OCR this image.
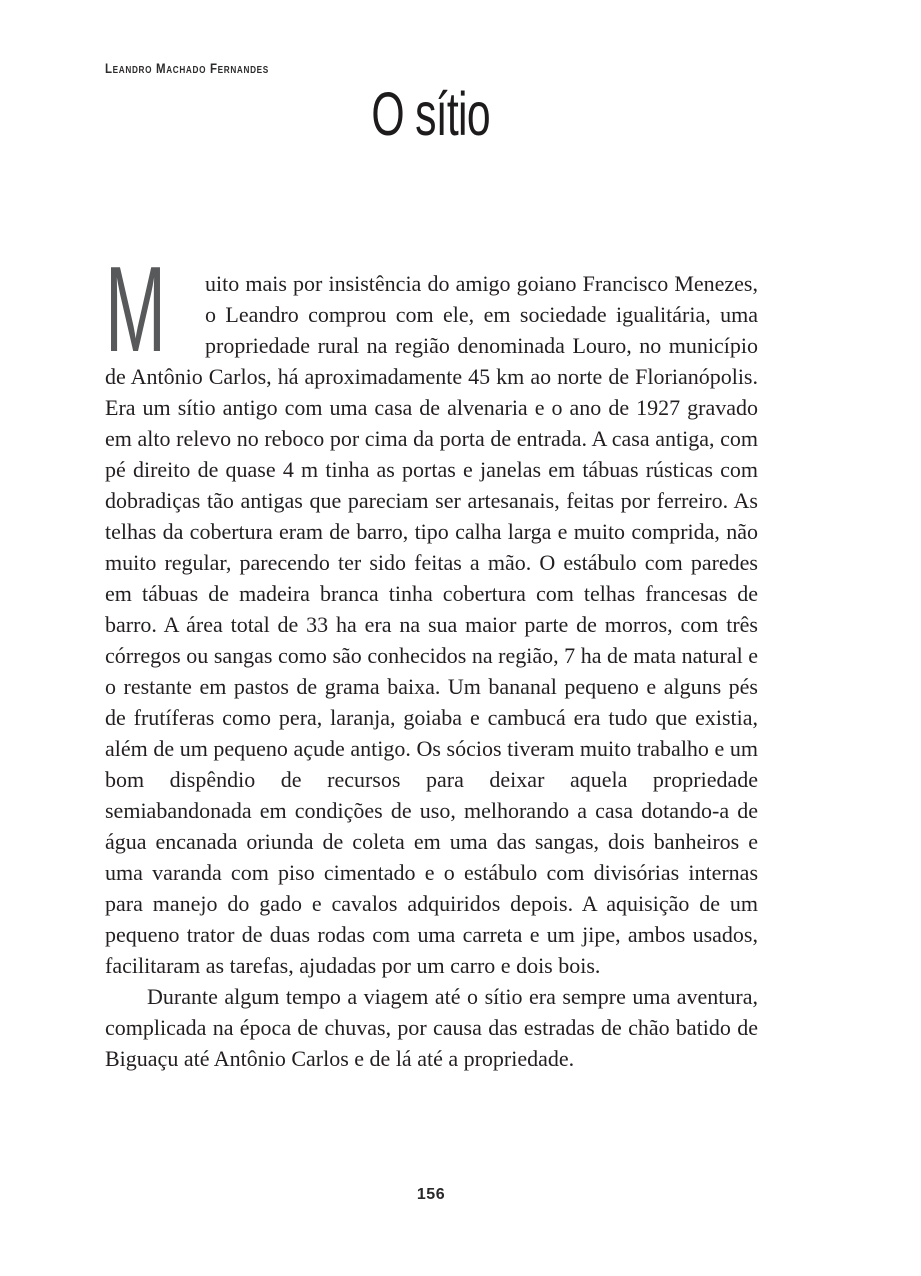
Leandro Machado Fernandes
O sítio

M uito mais por insistência do amigo goiano Francisco Menezes, o Leandro comprou com ele, em sociedade igualitária, uma propriedade rural na região denominada Louro, no município de Antônio Carlos, há aproximadamente 45 km ao norte de Florianópolis. Era um sítio antigo com uma casa de alvenaria e o ano de 1927 gravado em alto relevo no reboco por cima da porta de entrada. A casa antiga, com pé direito de quase 4 m tinha as portas e janelas em tábuas rústicas com dobradiças tão antigas que pareciam ser artesanais, feitas por ferreiro. As telhas da cobertura eram de barro, tipo calha larga e muito comprida, não muito regular, parecendo ter sido feitas a mão. O estábulo com paredes em tábuas de madeira branca tinha cobertura com telhas francesas de barro. A área total de 33 ha era na sua maior parte de morros, com três córregos ou sangas como são conhecidos na região, 7 ha de mata natural e o restante em pastos de grama baixa. Um bananal pequeno e alguns pés de frutíferas como pera, laranja, goiaba e cambucá era tudo que existia, além de um pequeno açude antigo. Os sócios tiveram muito trabalho e um bom dispêndio de recursos para deixar aquela propriedade semiabandonada em condições de uso, melhorando a casa dotando-a de água encanada oriunda de coleta em uma das sangas, dois banheiros e uma varanda com piso cimentado e o estábulo com divisórias internas para manejo do gado e cavalos adquiridos depois. A aquisição de um pequeno trator de duas rodas com uma carreta e um jipe, ambos usados, facilitaram as tarefas, ajudadas por um carro e dois bois.

Durante algum tempo a viagem até o sítio era sempre uma aventura, complicada na época de chuvas, por causa das estradas de chão batido de Biguaçu até Antônio Carlos e de lá até a propriedade.

156
